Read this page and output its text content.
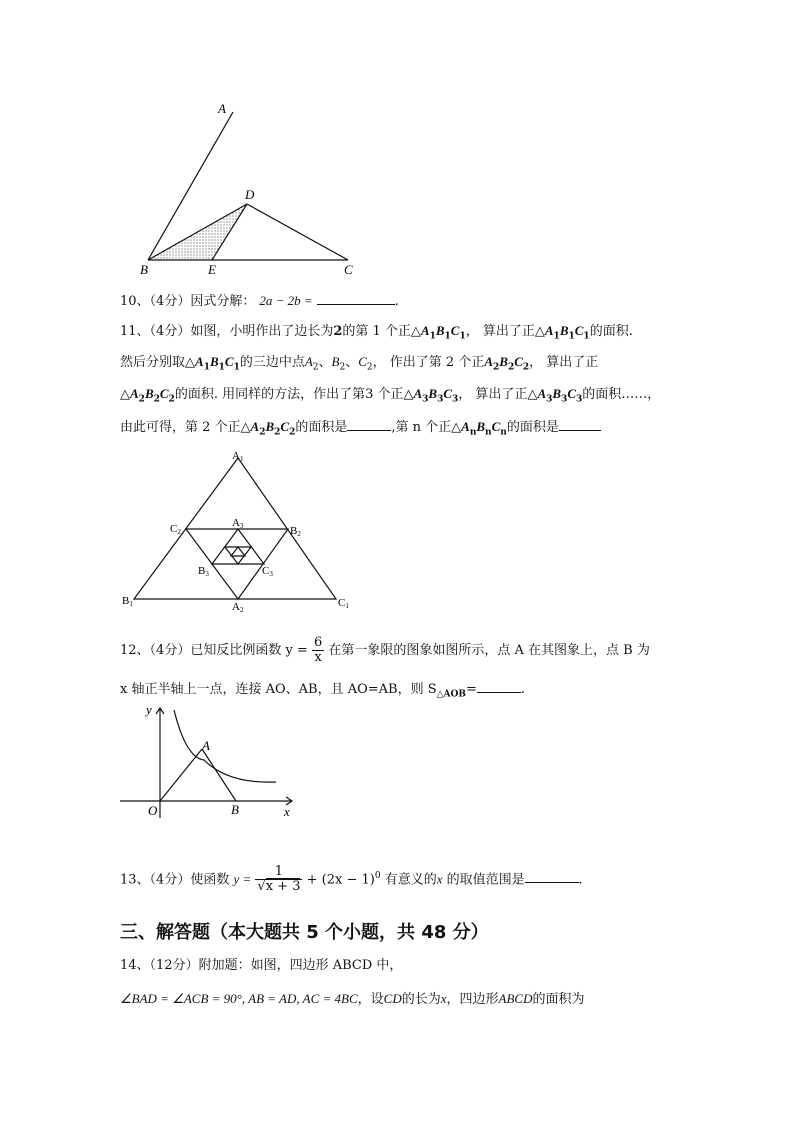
A
D
B	E	C
10、（4分）因式分解： 2a − 2b =	.
11、（4分）如图，小明作出了边长为2的第 1 个正$\triangle A_1B_1C_1$， 算出了正$\triangle A_1B_1C_1$的面积.
然后分别取$\triangle A_1B_1C_1$的三边中点$A_2$、$B_2$、$C_2$， 作出了第 2 个正$A_2B_2C_2$， 算出了正
$\triangle A_2B_2C_2$的面积. 用同样的方法，作出了第3 个正$\triangle A_3B_3C_3$， 算出了正$\triangle A_3B_3C_3$的面积……，
由此可得，第 2 个正$\triangle A_2B_2C_2$的面积是	,第 n 个正$\triangle A_nB_nC_n$的面积是
A1
C2	B2
A3
B3	C3
B1	A2
C1
12、（4分）已知反比例函数 $y = \frac{6}{x}$ 在第一象限的图象如图所示，点 A 在其图象上，点 B 为
x 轴正半轴上一点，连接 AO、AB，且 AO=AB，则 $S_{\triangle AOB}=$	.
y
x
O
A
B
13、（4分）使函数 $y = \frac{1}{√x + 3} + (2x - 1)^0$ 有意义的x 的取值范围是	.
三、解答题（本大题共 5 个小题，共 48 分）
14、（12分）附加题：如图，四边形 ABCD 中，
∠BAD = ∠ACB = 90°, AB = AD, AC = 4BC，设CD的长为x，四边形ABCD的面积为
